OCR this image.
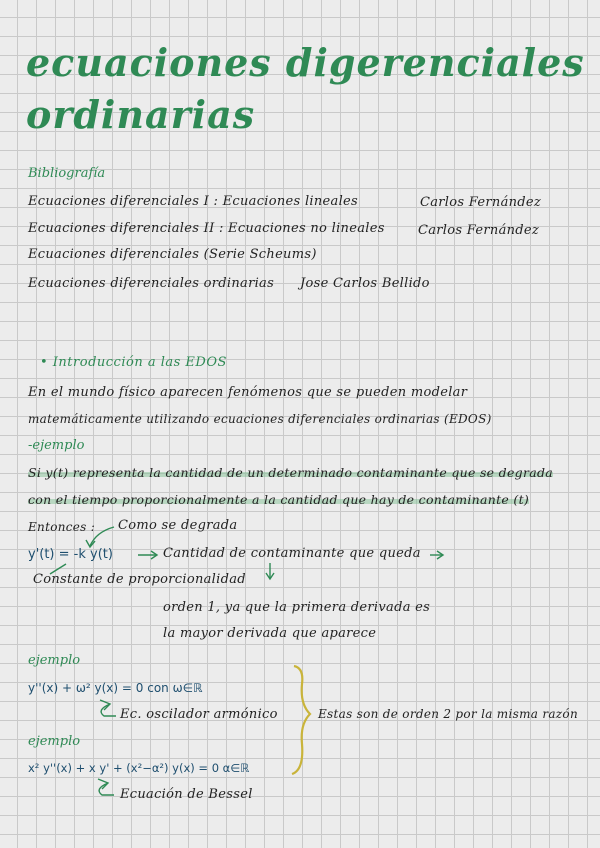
ecuaciones digerenciales
ordinarias
Bibliografía
Ecuaciones diferenciales I : Ecuaciones lineales	Carlos Fernández
Ecuaciones diferenciales II : Ecuaciones no lineales	Carlos Fernández
Ecuaciones diferenciales (Serie Scheums)
Ecuaciones diferenciales ordinarias Jose Carlos Bellido
• Introducción a las EDOS
En el mundo físico aparecen fenómenos que se pueden modelar
matemáticamente utilizando ecuaciones diferenciales ordinarias (EDOS)
-ejemplo
Si y(t) representa la cantidad de un determinado contaminante que se degrada
con el tiempo proporcionalmente a la cantidad que hay de contaminante (t)
Entonces : Como se degrada
y'(t) = -k y(t)	Cantidad de contaminante que queda
Constante de proporcionalidad
orden 1, ya que la primera derivada es
la mayor derivada que aparece
ejemplo
y''(x) + ω² y(x) = 0 con ω∈ℝ
Ec. oscilador armónico	Estas son de orden 2 por la misma razón
ejemplo
x² y''(x) + x y' + (x²−α²) y(x) = 0 α∈ℝ
Ecuación de Bessel
